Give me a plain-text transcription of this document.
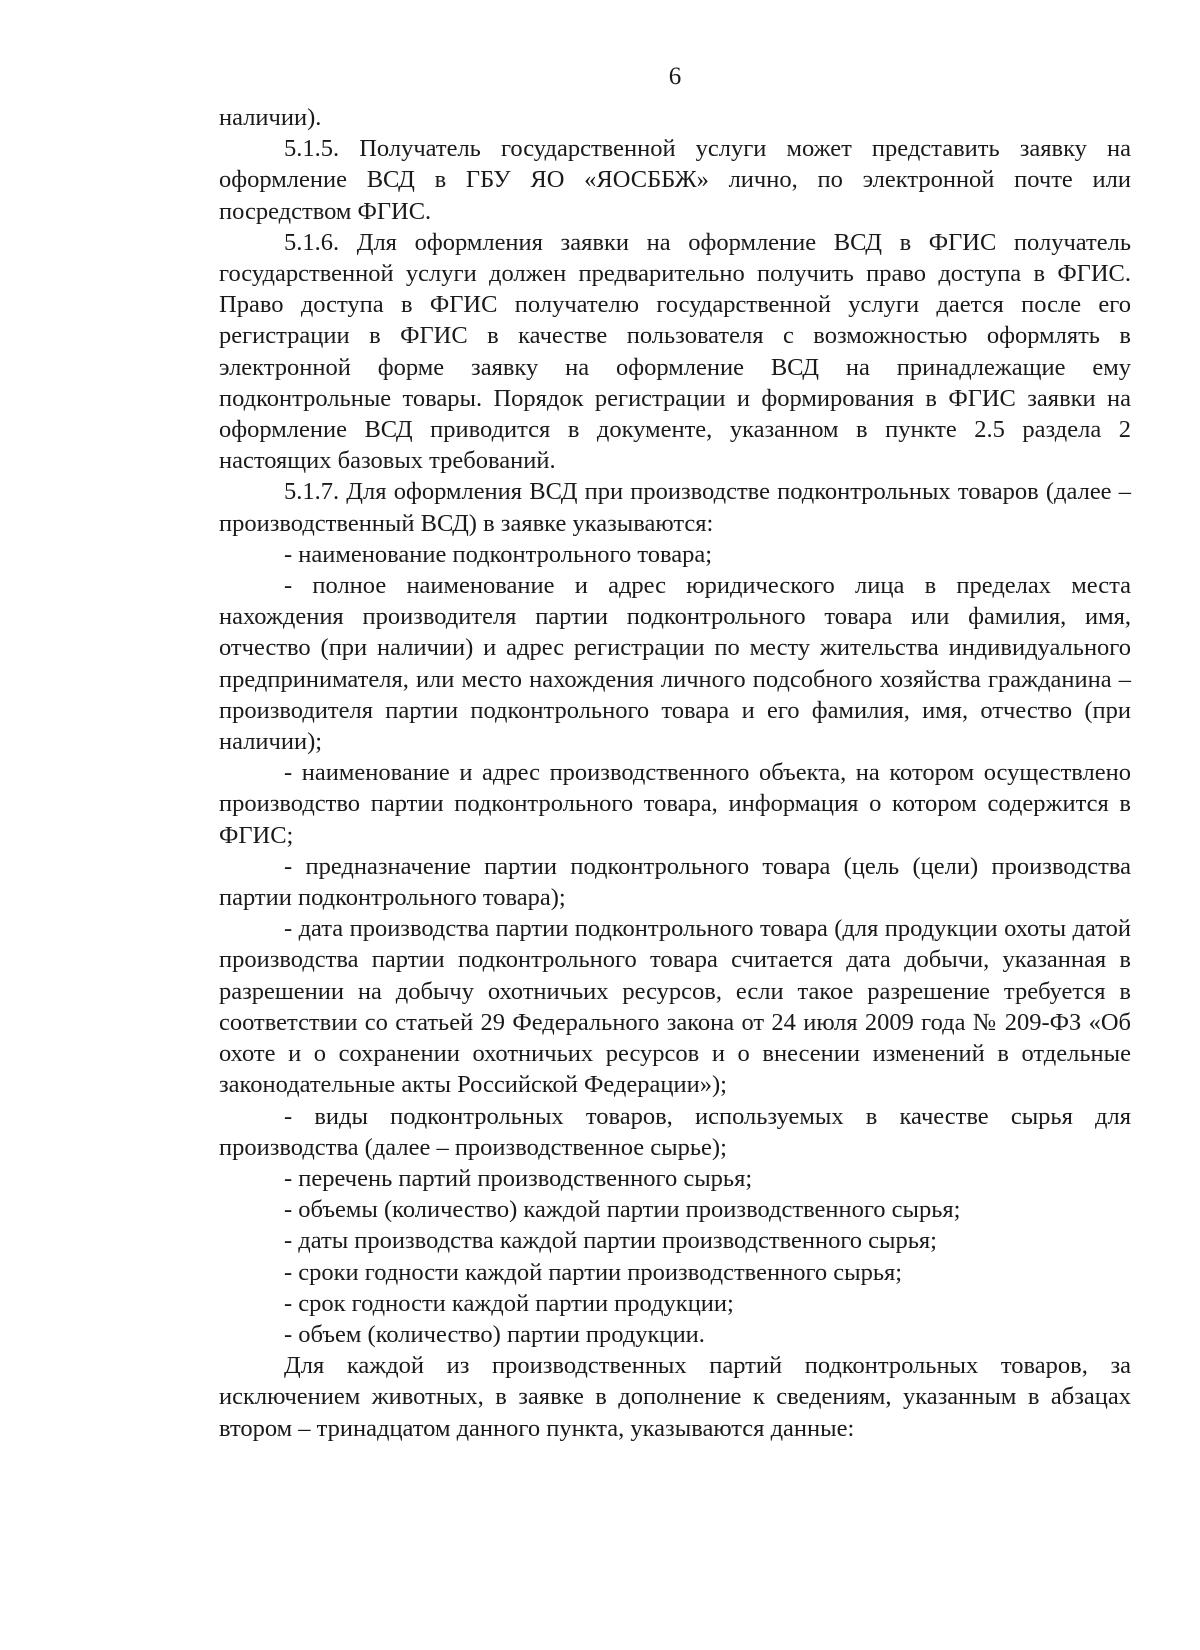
6

наличии).

5.1.5. Получатель государственной услуги может представить заявку на оформление ВСД в ГБУ ЯО «ЯОСББЖ» лично, по электронной почте или посредством ФГИС.

5.1.6. Для оформления заявки на оформление ВСД в ФГИС получатель государственной услуги должен предварительно получить право доступа в ФГИС. Право доступа в ФГИС получателю государственной услуги дается после его регистрации в ФГИС в качестве пользователя с возможностью оформлять в электронной форме заявку на оформление ВСД на принадлежащие ему подконтрольные товары. Порядок регистрации и формирования в ФГИС заявки на оформление ВСД приводится в документе, указанном в пункте 2.5 раздела 2 настоящих базовых требований.

5.1.7. Для оформления ВСД при производстве подконтрольных товаров (далее – производственный ВСД) в заявке указываются:

- наименование подконтрольного товара;

- полное наименование и адрес юридического лица в пределах места нахождения производителя партии подконтрольного товара или фамилия, имя, отчество (при наличии) и адрес регистрации по месту жительства индивидуального предпринимателя, или место нахождения личного подсобного хозяйства гражданина – производителя партии подконтрольного товара и его фамилия, имя, отчество (при наличии);

- наименование и адрес производственного объекта, на котором осуществлено производство партии подконтрольного товара, информация о котором содержится в ФГИС;

- предназначение партии подконтрольного товара (цель (цели) производства партии подконтрольного товара);

- дата производства партии подконтрольного товара (для продукции охоты датой производства партии подконтрольного товара считается дата добычи, указанная в разрешении на добычу охотничьих ресурсов, если такое разрешение требуется в соответствии со статьей 29 Федерального закона от 24 июля 2009 года № 209-ФЗ «Об охоте и о сохранении охотничьих ресурсов и о внесении изменений в отдельные законодательные акты Российской Федерации»);

- виды подконтрольных товаров, используемых в качестве сырья для производства (далее – производственное сырье);

- перечень партий производственного сырья;

- объемы (количество) каждой партии производственного сырья;

- даты производства каждой партии производственного сырья;

- сроки годности каждой партии производственного сырья;

- срок годности каждой партии продукции;

- объем (количество) партии продукции.

Для каждой из производственных партий подконтрольных товаров, за исключением животных, в заявке в дополнение к сведениям, указанным в абзацах втором – тринадцатом данного пункта, указываются данные:
